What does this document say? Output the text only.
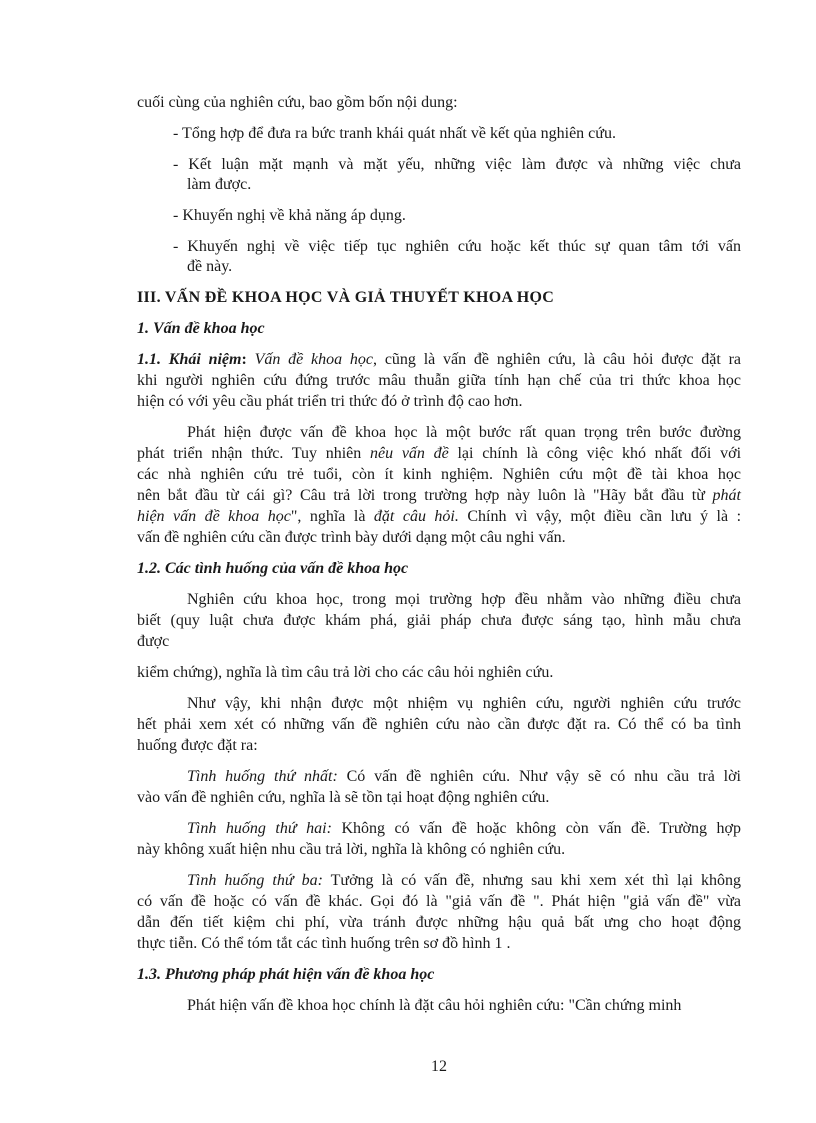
cuối cùng của nghiên cứu, bao gồm bốn nội dung:
- Tổng hợp để đưa ra bức tranh khái quát nhất về kết qủa nghiên cứu.
- Kết luận mặt mạnh và mặt yếu, những việc làm được và những việc chưa
làm được.
- Khuyến nghị về khả năng áp dụng.
- Khuyến nghị về việc tiếp tục nghiên cứu hoặc kết thúc sự quan tâm tới vấn
đề này.
III. VẤN ĐỀ KHOA HỌC VÀ GIẢ THUYẾT KHOA HỌC
1. Vấn đề khoa học
1.1. Khái niệm: Vấn đề khoa học, cũng là vấn đề nghiên cứu, là câu hỏi được đặt ra
khi người nghiên cứu đứng trước mâu thuẫn giữa tính hạn chế của tri thức khoa học
hiện có với yêu cầu phát triển tri thức đó ở trình độ cao hơn.
Phát hiện được vấn đề khoa học là một bước rất quan trọng trên bước đường
phát triển nhận thức. Tuy nhiên nêu vấn đề lại chính là công việc khó nhất đối với
các nhà nghiên cứu trẻ tuổi, còn ít kinh nghiệm. Nghiên cứu một đề tài khoa học
nên bắt đầu từ cái gì? Câu trả lời trong trường hợp này luôn là "Hãy bắt đầu từ phát
hiện vấn đề khoa học", nghĩa là đặt câu hỏi. Chính vì vậy, một điều cần lưu ý là :
vấn đề nghiên cứu cần được trình bày dưới dạng một câu nghi vấn.
1.2. Các tình huống của vấn đề khoa học
Nghiên cứu khoa học, trong mọi trường hợp đều nhằm vào những điều chưa
biết (quy luật chưa được khám phá, giải pháp chưa được sáng tạo, hình mẫu chưa
được
kiểm chứng), nghĩa là tìm câu trả lời cho các câu hỏi nghiên cứu.
Như vậy, khi nhận được một nhiệm vụ nghiên cứu, người nghiên cứu trước
hết phải xem xét có những vấn đề nghiên cứu nào cần được đặt ra. Có thể có ba tình
huống được đặt ra:
Tình huống thứ nhất: Có vấn đề nghiên cứu. Như vậy sẽ có nhu cầu trả lời
vào vấn đề nghiên cứu, nghĩa là sẽ tồn tại hoạt động nghiên cứu.
Tình huống thứ hai: Không có vấn đề hoặc không còn vấn đề. Trường hợp
này không xuất hiện nhu cầu trả lời, nghĩa là không có nghiên cứu.
Tình huống thứ ba: Tưởng là có vấn đề, nhưng sau khi xem xét thì lại không
có vấn đề hoặc có vấn đề khác. Gọi đó là "giả vấn đề ". Phát hiện "giả vấn đề" vừa
dẫn đến tiết kiệm chi phí, vừa tránh được những hậu quả bất ưng cho hoạt động
thực tiễn. Có thể tóm tắt các tình huống trên sơ đồ hình 1 .
1.3. Phương pháp phát hiện vấn đề khoa học
Phát hiện vấn đề khoa học chính là đặt câu hỏi nghiên cứu: "Cần chứng minh
12
